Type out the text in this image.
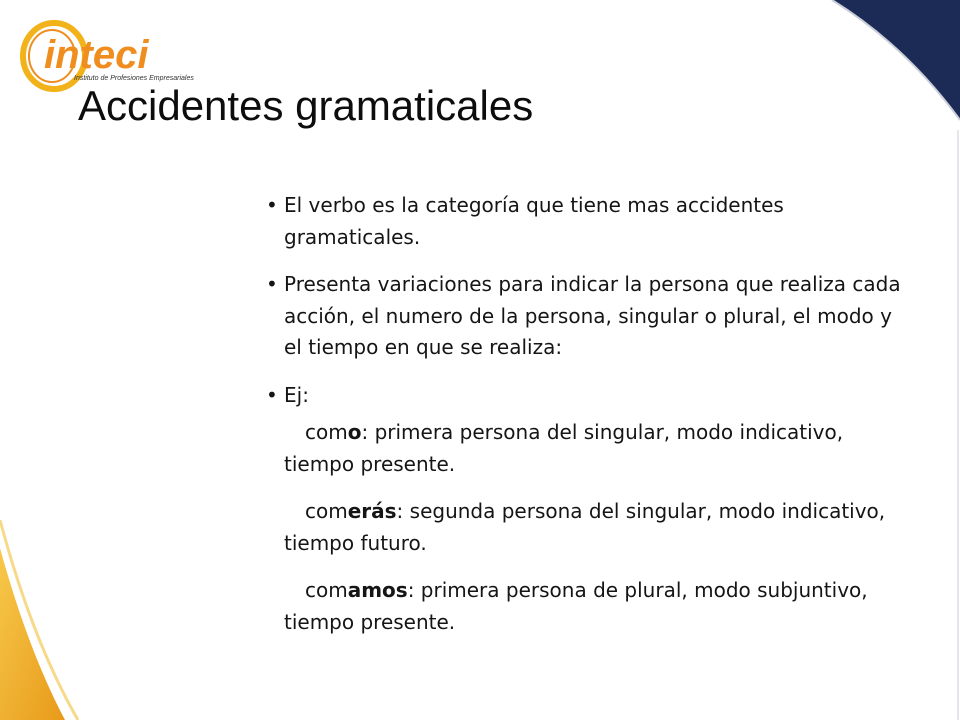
inteci
Instituto de Profesiones Empresariales
Accidentes gramaticales
• El verbo es la categoría que tiene mas accidentes gramaticales.
• Presenta variaciones para indicar la persona que realiza cada acción, el numero de la persona, singular o plural, el modo y el tiempo en que se realiza:
• Ej:
como: primera persona del singular, modo indicativo, tiempo presente.
comerás: segunda persona del singular, modo indicativo, tiempo futuro.
comamos: primera persona de plural, modo subjuntivo, tiempo presente.
